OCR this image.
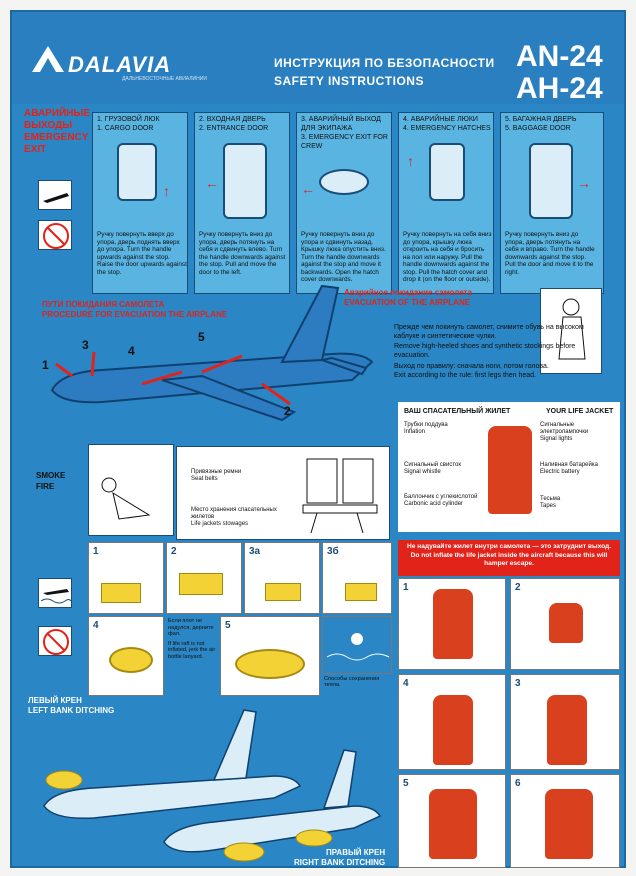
DALAVIA
ДАЛЬНЕВОСТОЧНЫЕ АВИАЛИНИИ
ИНСТРУКЦИЯ ПО БЕЗОПАСНОСТИ
SAFETY INSTRUCTIONS
AN-24
АН-24
АВАРИЙНЫЕ ВЫХОДЫ
EMERGENCY EXIT
1. ГРУЗОВОЙ ЛЮК
1. CARGO DOOR
↑
Ручку повернуть вверх до упора, дверь поднять вверх до упора. Turn the handle upwards against the stop. Raise the door upwards against the stop.
2. ВХОДНАЯ ДВЕРЬ
2. ENTRANCE DOOR
←
Ручку повернуть вниз до упора, дверь потянуть на себя и сдвинуть влево. Turn the handle downwards against the stop. Pull and move the door to the left.
3. АВАРИЙНЫЙ ВЫХОД ДЛЯ ЭКИПАЖА
3. EMERGENCY EXIT FOR CREW
←
Ручку повернуть вниз до упора и сдвинуть назад. Крышку люка опустить вниз. Turn the handle downwards against the stop and move it backwards. Open the hatch cover downwards.
4. АВАРИЙНЫЕ ЛЮКИ
4. EMERGENCY HATCHES
↑
Ручку повернуть на себя вниз до упора, крышку люка откроить на себя и бросить на пол или наружу. Pull the handle downwards against the stop. Pull the hatch cover and drop it (on the floor or outside).
5. БАГАЖНАЯ ДВЕРЬ
5. BAGGAGE DOOR
→
Ручку повернуть вниз до упора, дверь потянуть на себя и вправо. Turn the handle downwards against the stop. Pull the door and move it to the right.
ПУТИ ПОКИДАНИЯ САМОЛЕТА
PROCEDURE FOR EVACUATION THE AIRPLANE
Аварийное покидание самолета
EVACUATION OF THE AIRPLANE
1
2
3	4
5
Прежде чем покинуть самолет, снимите обувь на высоком каблуке и синтетические чулки.
Remove high-heeled shoes and synthetic stockings before evacuation.
Выход по правилу: сначала ноги, потом голова.
Exit according to the rule: first legs then head.
SMOKE
FIRE
Привязные ремни
Seat belts
Место хранения спасательных жилетов
Life jackets stowages
ВАШ СПАСАТЕЛЬНЫЙ ЖИЛЕТ	YOUR LIFE JACKET
Трубки поддува
Inflation
Сигнальный свисток
Signal whistle
Баллончик с углекислотой
Carbonic acid cylinder
Сигнальные электролампочки
Signal lights
Наливная батарейка
Electric battery
Тесьма
Tapes
Не надувайте жилет внутри самолета — это затруднит выход.
Do not inflate the life jacket inside the aircraft because this will hamper escape.
1	2	3a	3б
4	Если плот не надулся, дерните фал.
If life raft is not inflated, jerk the air bottle lanyard.
5
Способы сохранения тепла.
1	2
4	3
5	6
ЛЕВЫЙ КРЕН
LEFT BANK DITCHING
ПРАВЫЙ КРЕН
RIGHT BANK DITCHING
